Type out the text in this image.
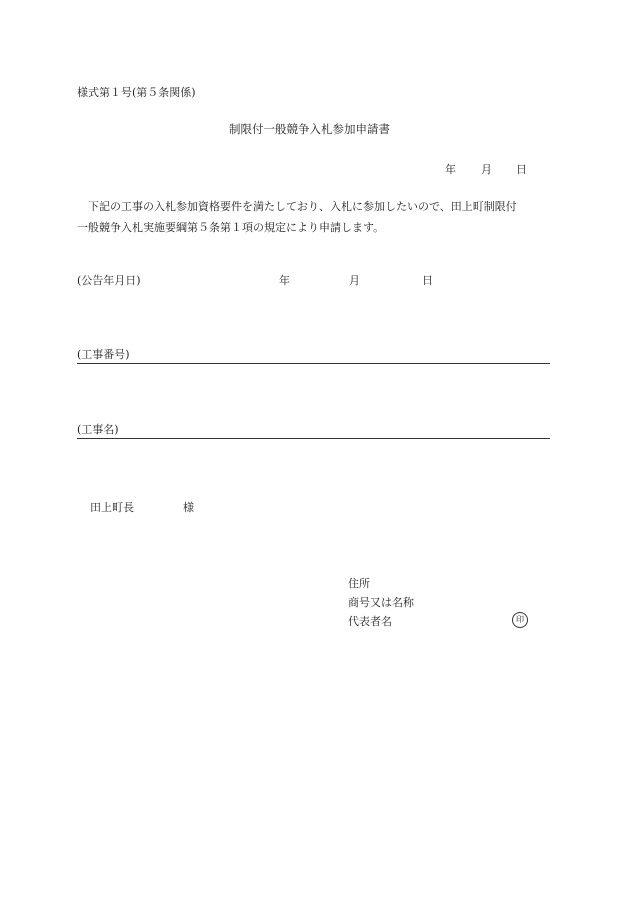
様式第１号(第５条関係)
制限付一般競争入札参加申請書
年 月 日
下記の工事の入札参加資格要件を満たしており、入札に参加したいので、田上町制限付
一般競争入札実施要綱第５条第１項の規定により申請します。
(公告年月日)	年	月	日
(工事番号)
(工事名)
田上町長	様
住所
商号又は名称
代表者名	印
